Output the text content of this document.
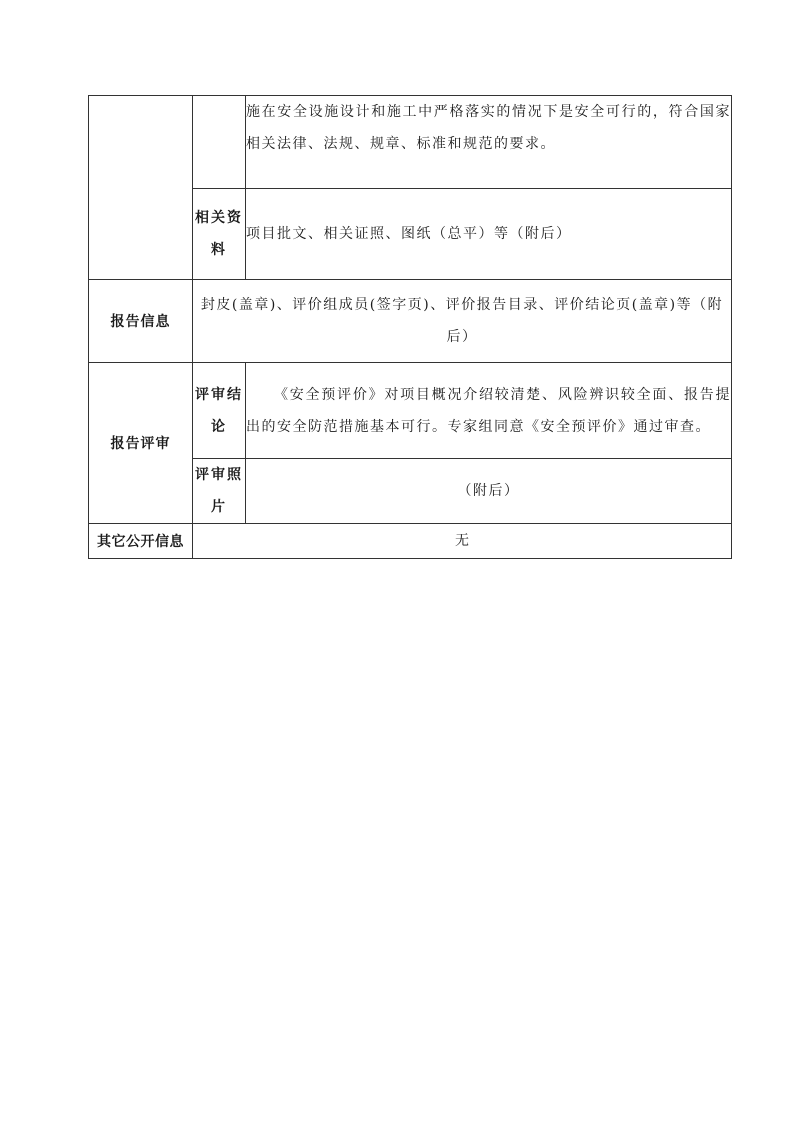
		施在安全设施设计和施工中严格落实的情况下是安全可行的，符合国家相关法律、法规、规章、标准和规范的要求。
	相关资料	项目批文、相关证照、图纸（总平）等（附后）
报告信息	封皮(盖章)、评价组成员(签字页)、评价报告目录、评价结论页(盖章)等（附后）	
报告评审	评审结论	《安全预评价》对项目概况介绍较清楚、风险辨识较全面、报告提出的安全防范措施基本可行。专家组同意《安全预评价》通过审查。
	评审照片	（附后）
其它公开信息	无	
